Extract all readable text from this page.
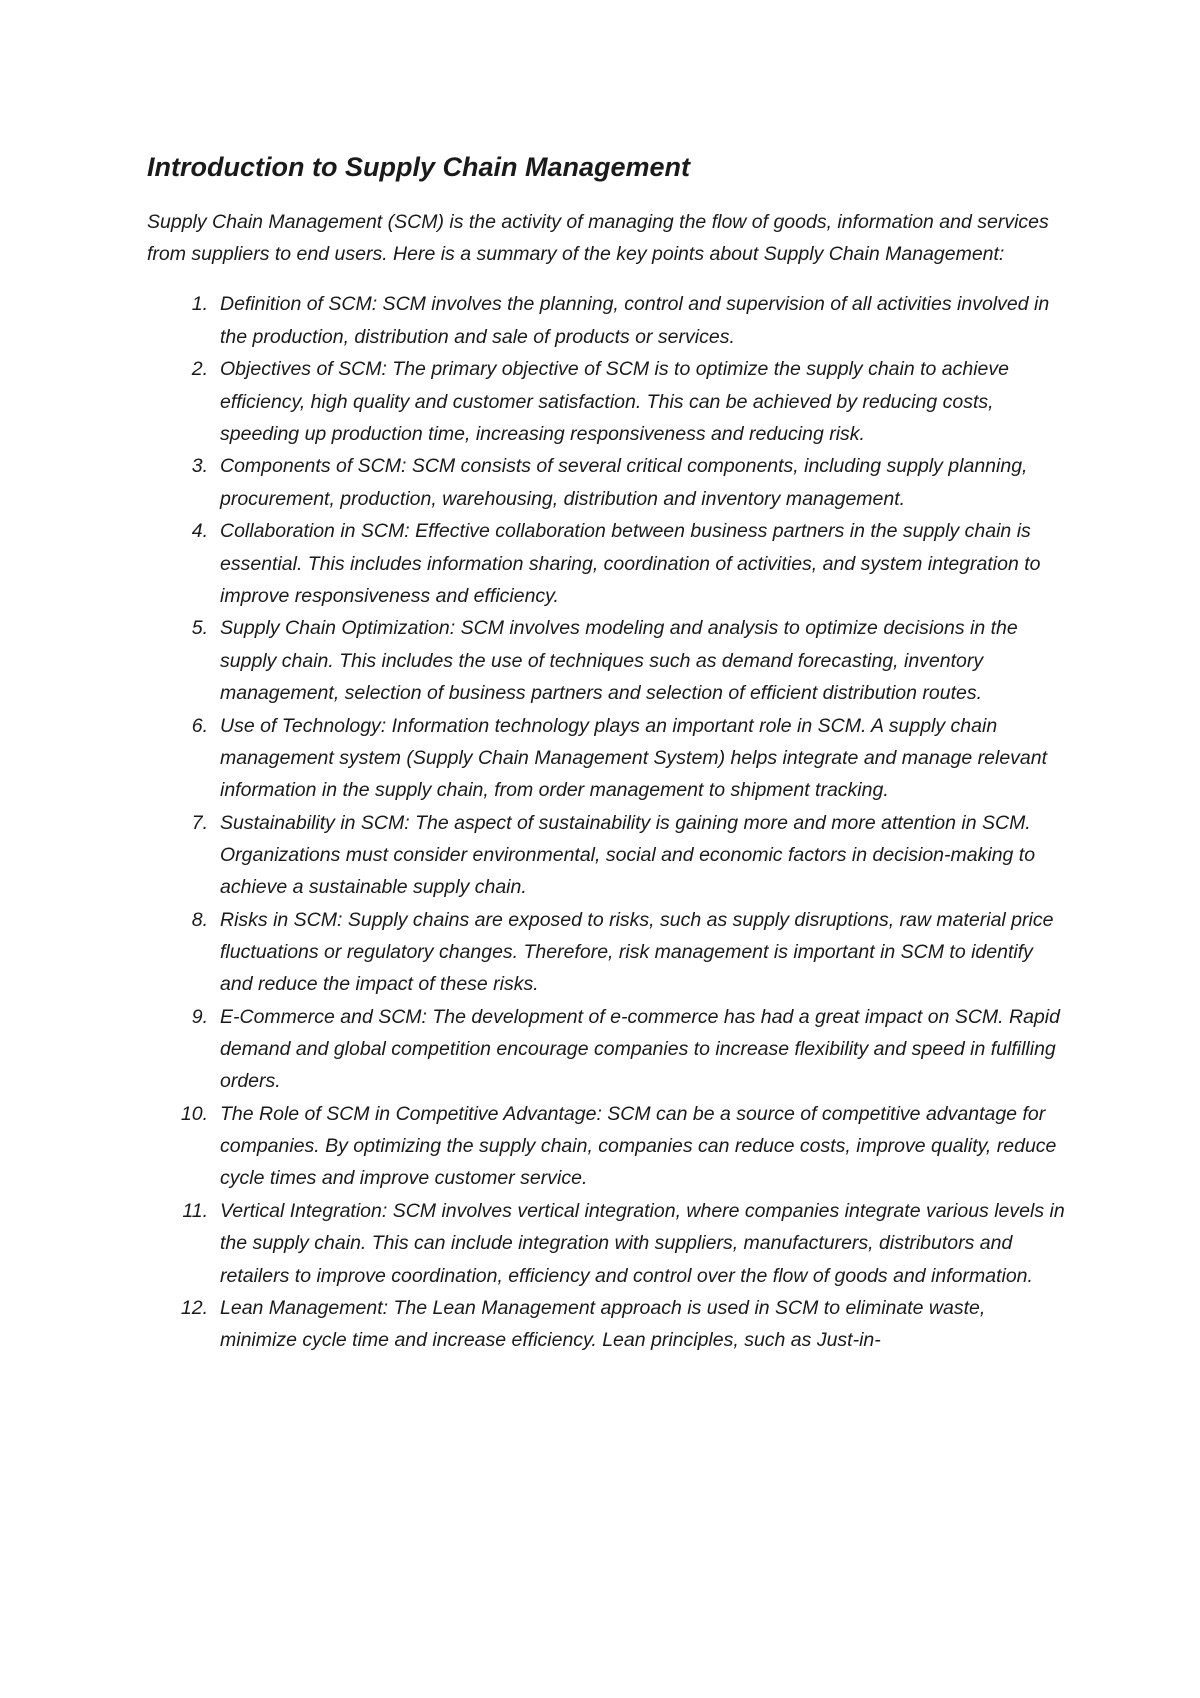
Introduction to Supply Chain Management

Supply Chain Management (SCM) is the activity of managing the flow of goods, information and services from suppliers to end users. Here is a summary of the key points about Supply Chain Management:

1. Definition of SCM: SCM involves the planning, control and supervision of all activities involved in the production, distribution and sale of products or services.
2. Objectives of SCM: The primary objective of SCM is to optimize the supply chain to achieve efficiency, high quality and customer satisfaction. This can be achieved by reducing costs, speeding up production time, increasing responsiveness and reducing risk.
3. Components of SCM: SCM consists of several critical components, including supply planning, procurement, production, warehousing, distribution and inventory management.
4. Collaboration in SCM: Effective collaboration between business partners in the supply chain is essential. This includes information sharing, coordination of activities, and system integration to improve responsiveness and efficiency.
5. Supply Chain Optimization: SCM involves modeling and analysis to optimize decisions in the supply chain. This includes the use of techniques such as demand forecasting, inventory management, selection of business partners and selection of efficient distribution routes.
6. Use of Technology: Information technology plays an important role in SCM. A supply chain management system (Supply Chain Management System) helps integrate and manage relevant information in the supply chain, from order management to shipment tracking.
7. Sustainability in SCM: The aspect of sustainability is gaining more and more attention in SCM. Organizations must consider environmental, social and economic factors in decision-making to achieve a sustainable supply chain.
8. Risks in SCM: Supply chains are exposed to risks, such as supply disruptions, raw material price fluctuations or regulatory changes. Therefore, risk management is important in SCM to identify and reduce the impact of these risks.
9. E-Commerce and SCM: The development of e-commerce has had a great impact on SCM. Rapid demand and global competition encourage companies to increase flexibility and speed in fulfilling orders.
10. The Role of SCM in Competitive Advantage: SCM can be a source of competitive advantage for companies. By optimizing the supply chain, companies can reduce costs, improve quality, reduce cycle times and improve customer service.
11. Vertical Integration: SCM involves vertical integration, where companies integrate various levels in the supply chain. This can include integration with suppliers, manufacturers, distributors and retailers to improve coordination, efficiency and control over the flow of goods and information.
12. Lean Management: The Lean Management approach is used in SCM to eliminate waste, minimize cycle time and increase efficiency. Lean principles, such as Just-in-
